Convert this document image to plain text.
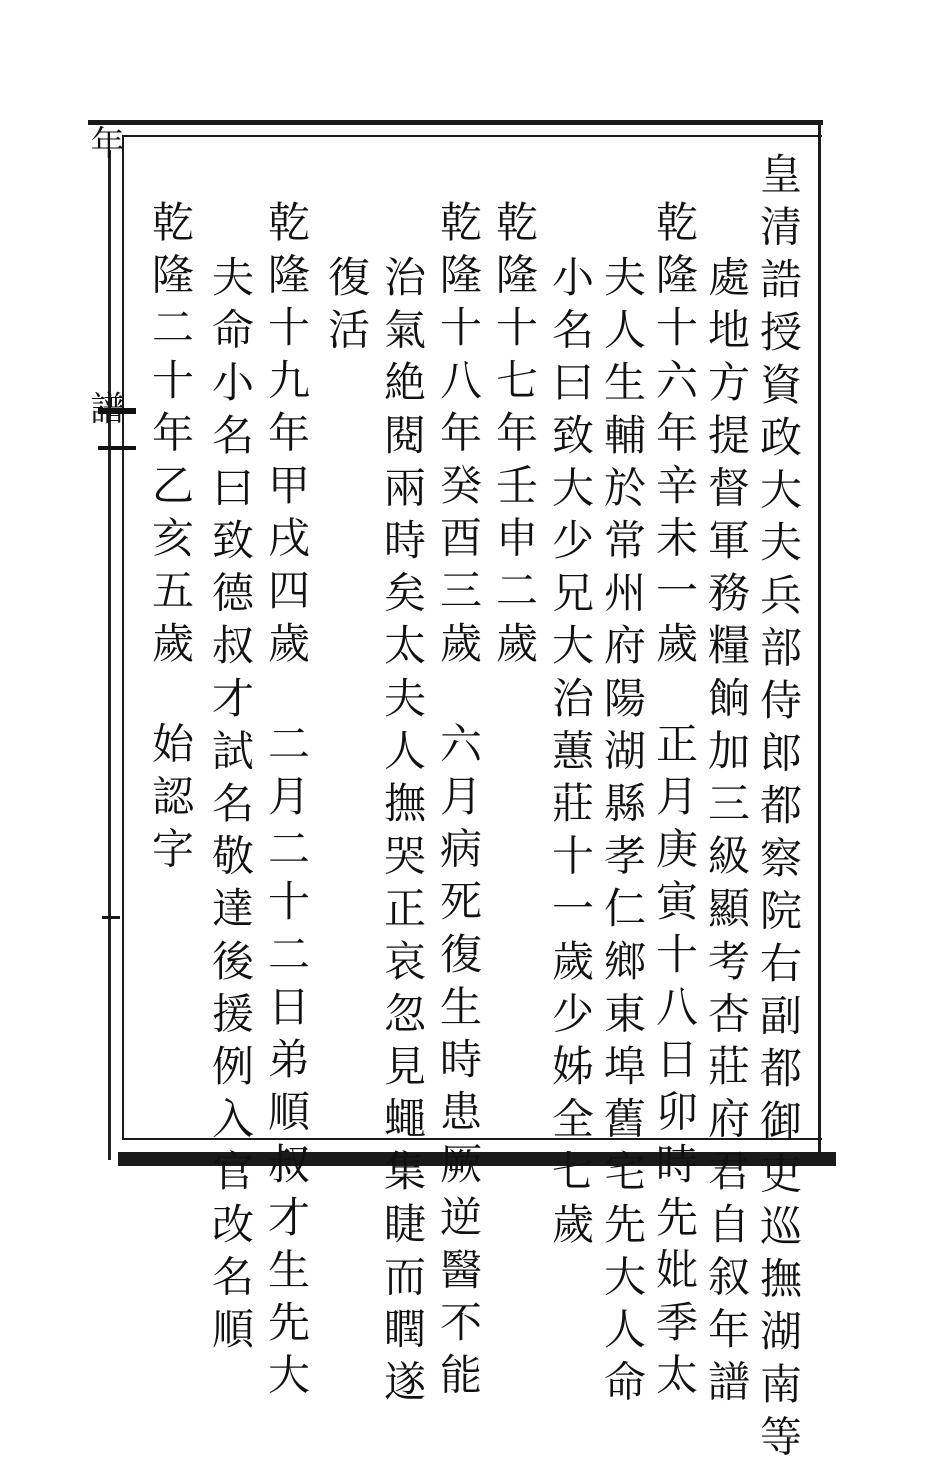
年  譜	皇清誥授資政大夫兵部侍郎都察院右副都御吏巡撫湖南等
處地方提督軍務糧餉加三級顯考杏莊府君自叙年譜
乾隆十六年辛未一歲正月庚寅十八日卯時先妣季太
夫人生輔於常州府陽湖縣孝仁鄉東埠舊宅先大人命
小名曰致大少兄大治蕙莊十一歲少姊全七歲
乾隆十七年壬申二歲
乾隆十八年癸酉三歲六月病死復生時患厥逆醫不能
治氣絶閱兩時矣太夫人撫哭正哀忽見蠅集睫而瞤遂
復活
乾隆十九年甲戌四歲二月二十二日弟順叔才生先大
夫命小名曰致德叔才試名敬達後援例入官改名順
乾隆二十年乙亥五歲始認字
